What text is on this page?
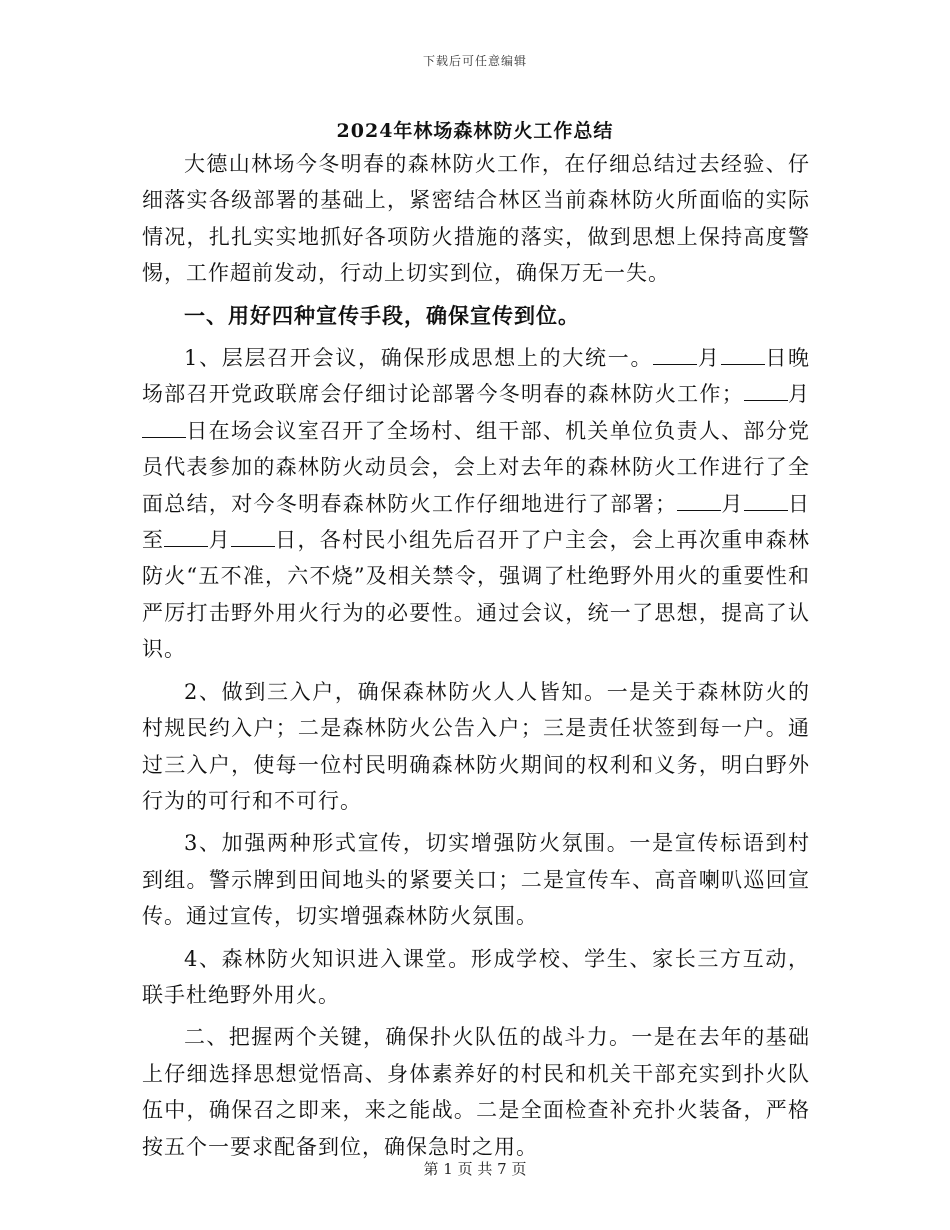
下载后可任意编辑
2024年林场森林防火工作总结

大德山林场今冬明春的森林防火工作，在仔细总结过去经验、仔细落实各级部署的基础上，紧密结合林区当前森林防火所面临的实际情况，扎扎实实地抓好各项防火措施的落实，做到思想上保持高度警惕，工作超前发动，行动上切实到位，确保万无一失。

一、用好四种宣传手段，确保宣传到位。

1、层层召开会议，确保形成思想上的大统一。 月 日晚场部召开党政联席会仔细讨论部署今冬明春的森林防火工作； 月日在场会议室召开了全场村、组干部、机关单位负责人、部分党员代表参加的森林防火动员会，会上对去年的森林防火工作进行了全面总结，对今冬明春森林防火工作仔细地进行了部署； 月 日至 月 日，各村民小组先后召开了户主会，会上再次重申森林防火“五不准，六不烧”及相关禁令，强调了杜绝野外用火的重要性和严厉打击野外用火行为的必要性。通过会议，统一了思想，提高了认识。

2、做到三入户，确保森林防火人人皆知。一是关于森林防火的村规民约入户；二是森林防火公告入户；三是责任状签到每一户。通过三入户，使每一位村民明确森林防火期间的权利和义务，明白野外行为的可行和不可行。

3、加强两种形式宣传，切实增强防火氛围。一是宣传标语到村到组。警示牌到田间地头的紧要关口；二是宣传车、高音喇叭巡回宣传。通过宣传，切实增强森林防火氛围。

4、森林防火知识进入课堂。形成学校、学生、家长三方互动，联手杜绝野外用火。

二、把握两个关键，确保扑火队伍的战斗力。一是在去年的基础上仔细选择思想觉悟高、身体素养好的村民和机关干部充实到扑火队伍中，确保召之即来，来之能战。二是全面检查补充扑火装备，严格按五个一要求配备到位，确保急时之用。

第 1 页 共 7 页
